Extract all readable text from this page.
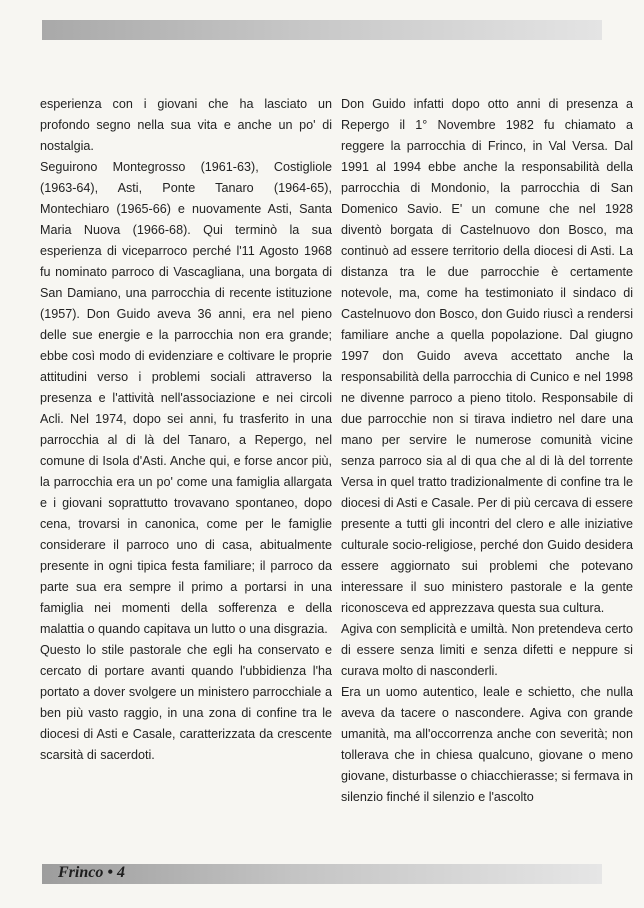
esperienza con i giovani che ha lasciato un profondo segno nella sua vita e anche un po' di nostalgia.

Seguirono Montegrosso (1961-63), Costigliole (1963-64), Asti, Ponte Tanaro (1964-65), Montechiaro (1965-66) e nuovamente Asti, Santa Maria Nuova (1966-68). Qui terminò la sua esperienza di viceparroco perché l'11 Agosto 1968 fu nominato parroco di Vascagliana, una borgata di San Damiano, una parrocchia di recente istituzione (1957). Don Guido aveva 36 anni, era nel pieno delle sue energie e la parrocchia non era grande; ebbe così modo di evidenziare e coltivare le proprie attitudini verso i problemi sociali attraverso la presenza e l'attività nell'associazione e nei circoli Acli. Nel 1974, dopo sei anni, fu trasferito in una parrocchia al di là del Tanaro, a Repergo, nel comune di Isola d'Asti. Anche qui, e forse ancor più, la parrocchia era un po' come una famiglia allargata e i giovani soprattutto trovavano spontaneo, dopo cena, trovarsi in canonica, come per le famiglie considerare il parroco uno di casa, abitualmente presente in ogni tipica festa familiare; il parroco da parte sua era sempre il primo a portarsi in una famiglia nei momenti della sofferenza e della malattia o quando capitava un lutto o una disgrazia.

Questo lo stile pastorale che egli ha conservato e cercato di portare avanti quando l'ubbidienza l'ha portato a dover svolgere un ministero parrocchiale a ben più vasto raggio, in una zona di confine tra le diocesi di Asti e Casale, caratterizzata da crescente scarsità di sacerdoti.

Don Guido infatti dopo otto anni di presenza a Repergo il 1° Novembre 1982 fu chiamato a reggere la parrocchia di Frinco, in Val Versa. Dal 1991 al 1994 ebbe anche la responsabilità della parrocchia di Mondonio, la parrocchia di San Domenico Savio. E' un comune che nel 1928 diventò borgata di Castelnuovo don Bosco, ma continuò ad essere territorio della diocesi di Asti. La distanza tra le due parrocchie è certamente notevole, ma, come ha testimoniato il sindaco di Castelnuovo don Bosco, don Guido riuscì a rendersi familiare anche a quella popolazione. Dal giugno 1997 don Guido aveva accettato anche la responsabilità della parrocchia di Cunico e nel 1998 ne divenne parroco a pieno titolo. Responsabile di due parrocchie non si tirava indietro nel dare una mano per servire le numerose comunità vicine senza parroco sia al di qua che al di là del torrente Versa in quel tratto tradizionalmente di confine tra le diocesi di Asti e Casale. Per di più cercava di essere presente a tutti gli incontri del clero e alle iniziative culturale socio-religiose, perché don Guido desidera essere aggiornato sui problemi che potevano interessare il suo ministero pastorale e la gente riconosceva ed apprezzava questa sua cultura.

Agiva con semplicità e umiltà. Non pretendeva certo di essere senza limiti e senza difetti e neppure si curava molto di nasconderli.

Era un uomo autentico, leale e schietto, che nulla aveva da tacere o nascondere. Agiva con grande umanità, ma all'occorrenza anche con severità; non tollerava che in chiesa qualcuno, giovane o meno giovane, disturbasse o chiacchierasse; si fermava in silenzio finché il silenzio e l'ascolto

Frinco • 4
